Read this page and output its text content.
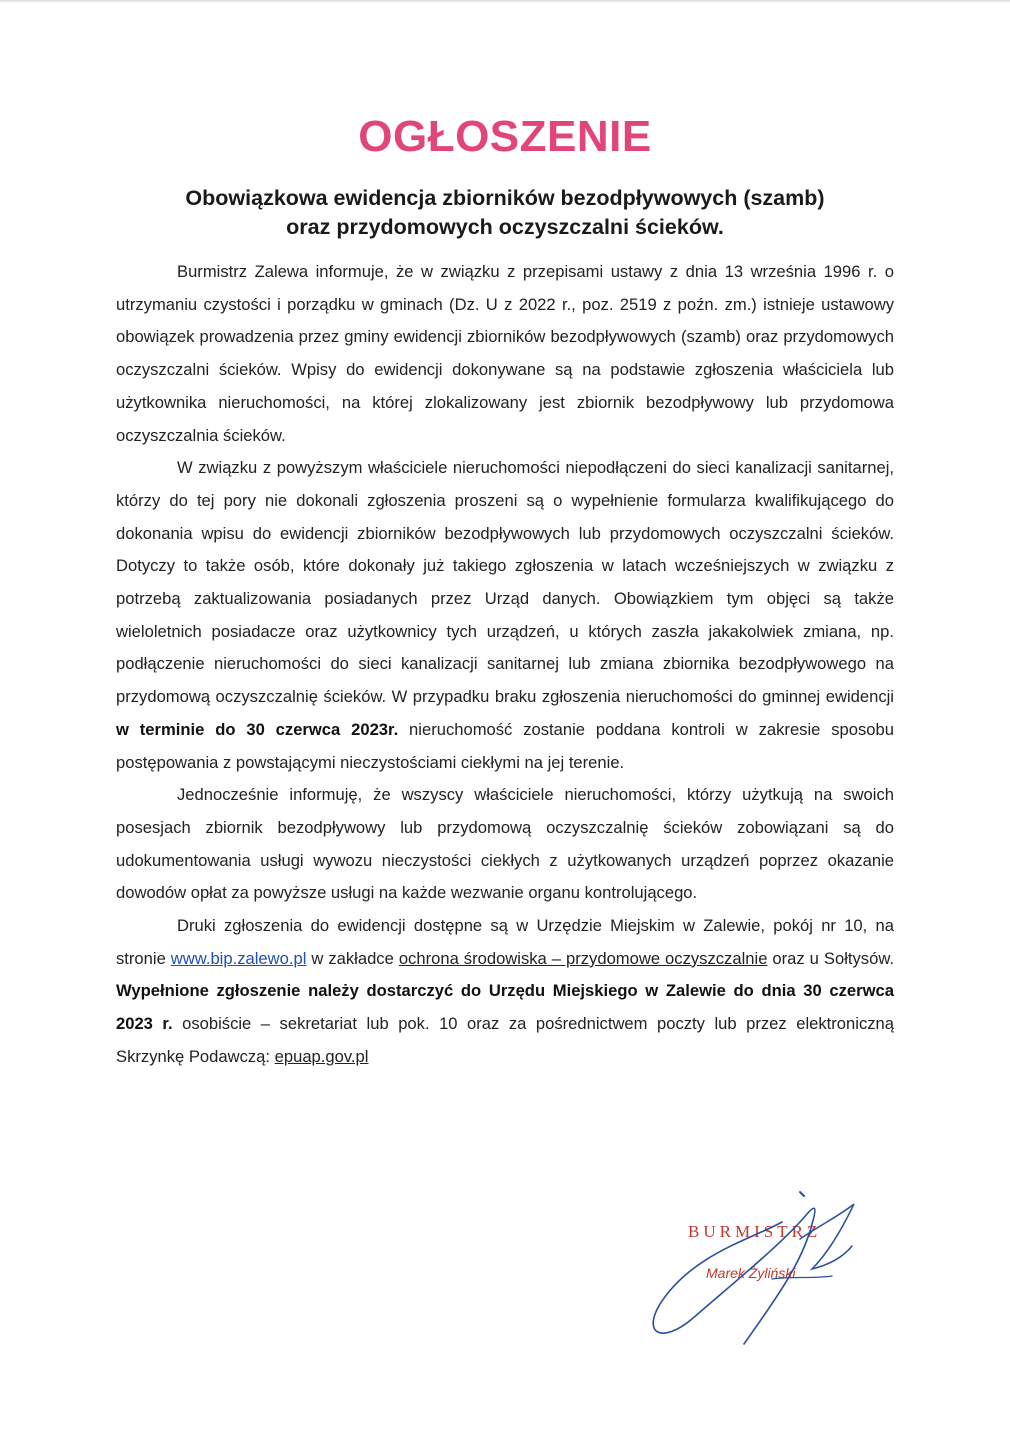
OGŁOSZENIE
Obowiązkowa ewidencja zbiorników bezodpływowych (szamb)
oraz przydomowych oczyszczalni ścieków.

Burmistrz Zalewa informuje, że w związku z przepisami ustawy z dnia 13 września 1996 r. o utrzymaniu czystości i porządku w gminach (Dz. U z 2022 r., poz. 2519 z poźn. zm.) istnieje ustawowy obowiązek prowadzenia przez gminy ewidencji zbiorników bezodpływowych (szamb) oraz przydomowych oczyszczalni ścieków. Wpisy do ewidencji dokonywane są na podstawie zgłoszenia właściciela lub użytkownika nieruchomości, na której zlokalizowany jest zbiornik bezodpływowy lub przydomowa oczyszczalnia ścieków.

W związku z powyższym właściciele nieruchomości niepodłączeni do sieci kanalizacji sanitarnej, którzy do tej pory nie dokonali zgłoszenia proszeni są o wypełnienie formularza kwalifikującego do dokonania wpisu do ewidencji zbiorników bezodpływowych lub przydomowych oczyszczalni ścieków. Dotyczy to także osób, które dokonały już takiego zgłoszenia w latach wcześniejszych w związku z potrzebą zaktualizowania posiadanych przez Urząd danych. Obowiązkiem tym objęci są także wieloletnich posiadacze oraz użytkownicy tych urządzeń, u których zaszła jakakolwiek zmiana, np. podłączenie nieruchomości do sieci kanalizacji sanitarnej lub zmiana zbiornika bezodpływowego na przydomową oczyszczalnię ścieków. W przypadku braku zgłoszenia nieruchomości do gminnej ewidencji w terminie do 30 czerwca 2023r. nieruchomość zostanie poddana kontroli w zakresie sposobu postępowania z powstającymi nieczystościami ciekłymi na jej terenie.

Jednocześnie informuję, że wszyscy właściciele nieruchomości, którzy użytkują na swoich posesjach zbiornik bezodpływowy lub przydomową oczyszczalnię ścieków zobowiązani są do udokumentowania usługi wywozu nieczystości ciekłych z użytkowanych urządzeń poprzez okazanie dowodów opłat za powyższe usługi na każde wezwanie organu kontrolującego.

Druki zgłoszenia do ewidencji dostępne są w Urzędzie Miejskim w Zalewie, pokój nr 10, na stronie www.bip.zalewo.pl w zakładce ochrona środowiska – przydomowe oczyszczalnie oraz u Sołtysów. Wypełnione zgłoszenie należy dostarczyć do Urzędu Miejskiego w Zalewie do dnia 30 czerwca 2023 r. osobiście – sekretariat lub pok. 10 oraz za pośrednictwem poczty lub przez elektroniczną Skrzynkę Podawczą: epuap.gov.pl

BURMISTRZ
Marek Żyliński
